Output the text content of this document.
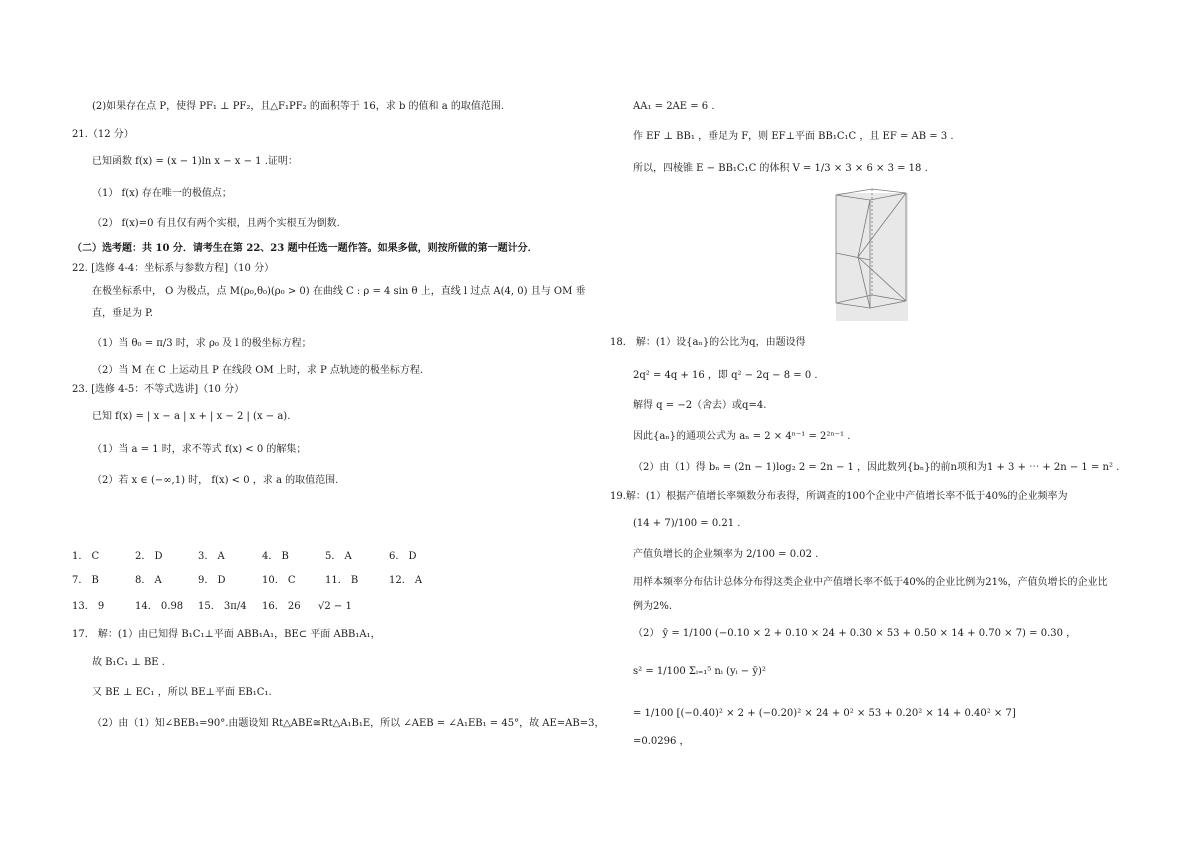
(2)如果存在点 P，使得 PF₁ ⊥ PF₂，且△F₁PF₂ 的面积等于 16，求 b 的值和 a 的取值范围.
21.（12 分）
已知函数 f(x) = (x − 1)ln x − x − 1 .证明：
（1） f(x) 存在唯一的极值点；
（2） f(x)=0 有且仅有两个实根，且两个实根互为倒数.
（二）选考题：共 10 分．请考生在第 22、23 题中任选一题作答。如果多做，则按所做的第一题计分．
22. [选修 4-4：坐标系与参数方程]（10 分）
在极坐标系中， O 为极点，点 M(ρ₀,θ₀)(ρ₀ > 0) 在曲线 C : ρ = 4 sin θ 上，直线 l 过点 A(4, 0) 且与 OM 垂
直，垂足为 P.
（1）当 θ₀ = π/3 时，求 ρ₀ 及 l 的极坐标方程；
（2）当 M 在 C 上运动且 P 在线段 OM 上时，求 P 点轨迹的极坐标方程.
23. [选修 4-5：不等式选讲]（10 分）
已知 f(x) = | x − a | x + | x − 2 | (x − a).
（1）当 a = 1 时，求不等式 f(x) < 0 的解集；
（2）若 x ∈ (−∞,1) 时， f(x) < 0 ，求 a 的取值范围.
1． C	2． D	3． A	4． B	5． A	6． D
7． B	8． A	9． D	10． C	11． B	12． A
13． 9	14． 0.98 15． 3π/4 16． 26 √2 − 1
17． 解：(1）由已知得 B₁C₁⊥平面 ABB₁A₁，BE⊂ 平面 ABB₁A₁，
故 B₁C₁ ⊥ BE .
又 BE ⊥ EC₁ ，所以 BE⊥平面 EB₁C₁.
（2）由（1）知∠BEB₁=90°.由题设知 Rt△ABE≅Rt△A₁B₁E，所以 ∠AEB = ∠A₁EB₁ = 45°，故 AE=AB=3，
AA₁ = 2AE = 6 .
作 EF ⊥ BB₁ ，垂足为 F，则 EF⊥平面 BB₁C₁C ，且 EF = AB = 3 .
所以，四棱锥 E − BB₁C₁C 的体积 V = 1/3 × 3 × 6 × 3 = 18 .
18． 解：(1）设{aₙ}的公比为q，由题设得
2q² = 4q + 16 ，即 q² − 2q − 8 = 0 .
解得 q = −2（舍去）或q=4.
因此{aₙ}的通项公式为 aₙ = 2 × 4ⁿ⁻¹ = 2²ⁿ⁻¹ .
（2）由（1）得 bₙ = (2n − 1)log₂ 2 = 2n − 1 ，因此数列{bₙ}的前n项和为1 + 3 + ⋯ + 2n − 1 = n² .
19.解：(1）根据产值增长率频数分布表得，所调查的100个企业中产值增长率不低于40%的企业频率为
(14 + 7)/100 = 0.21 .
产值负增长的企业频率为 2/100 = 0.02 .
用样本频率分布估计总体分布得这类企业中产值增长率不低于40%的企业比例为21%，产值负增长的企业比
例为2%.
（2） ȳ = 1/100 (−0.10 × 2 + 0.10 × 24 + 0.30 × 53 + 0.50 × 14 + 0.70 × 7) = 0.30 ，
s² = 1/100 Σᵢ₌₁⁵ nᵢ (yᵢ − ȳ)²
= 1/100 [(−0.40)² × 2 + (−0.20)² × 24 + 0² × 53 + 0.20² × 14 + 0.40² × 7]
=0.0296 ，
